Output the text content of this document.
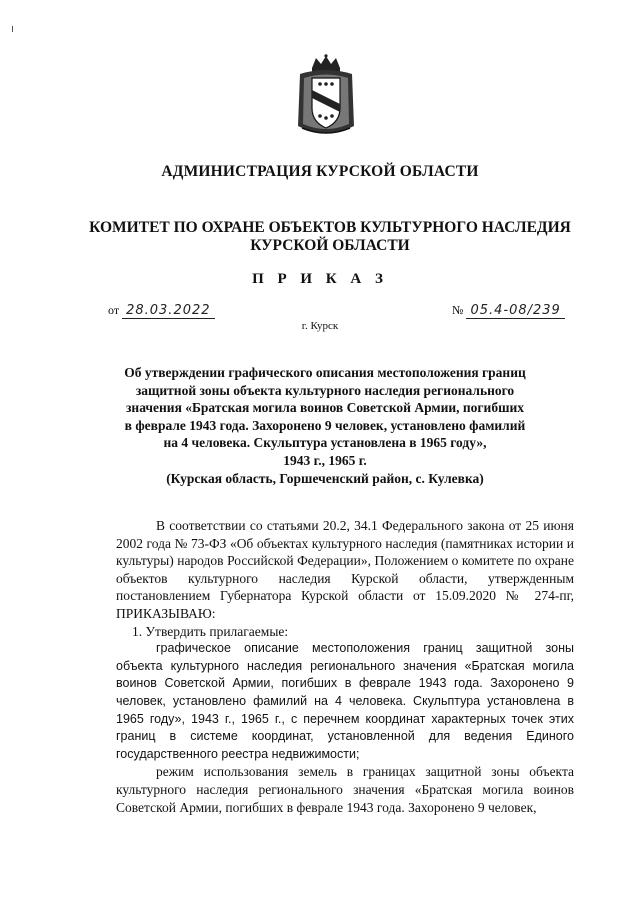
АДМИНИСТРАЦИЯ КУРСКОЙ ОБЛАСТИ
КОМИТЕТ ПО ОХРАНЕ ОБЪЕКТОВ КУЛЬТУРНОГО НАСЛЕДИЯ КУРСКОЙ ОБЛАСТИ
П Р И К А З
от 28.03.2022	№ 05.4-08/239
г. Курск
Об утверждении графического описания местоположения границ
защитной зоны объекта культурного наследия регионального
значения «Братская могила воинов Советской Армии, погибших
в феврале 1943 года. Захоронено 9 человек, установлено фамилий
на 4 человека. Скульптура установлена в 1965 году»,
1943 г., 1965 г.
(Курская область, Горшеченский район, с. Кулевка)

В соответствии со статьями 20.2, 34.1 Федерального закона от 25 июня 2002 года № 73-ФЗ «Об объектах культурного наследия (памятниках истории и культуры) народов Российской Федерации», Положением о комитете по охране объектов культурного наследия Курской области, утвержденным постановлением Губернатора Курской области от 15.09.2020 № 274-пг, ПРИКАЗЫВАЮ:

1. Утвердить прилагаемые:

графическое описание местоположения границ защитной зоны объекта культурного наследия регионального значения «Братская могила воинов Советской Армии, погибших в феврале 1943 года. Захоронено 9 человек, установлено фамилий на 4 человека. Скульптура установлена в 1965 году», 1943 г., 1965 г., с перечнем координат характерных точек этих границ в системе координат, установленной для ведения Единого государственного реестра недвижимости;

режим использования земель в границах защитной зоны объекта культурного наследия регионального значения «Братская могила воинов Советской Армии, погибших в феврале 1943 года. Захоронено 9 человек,
